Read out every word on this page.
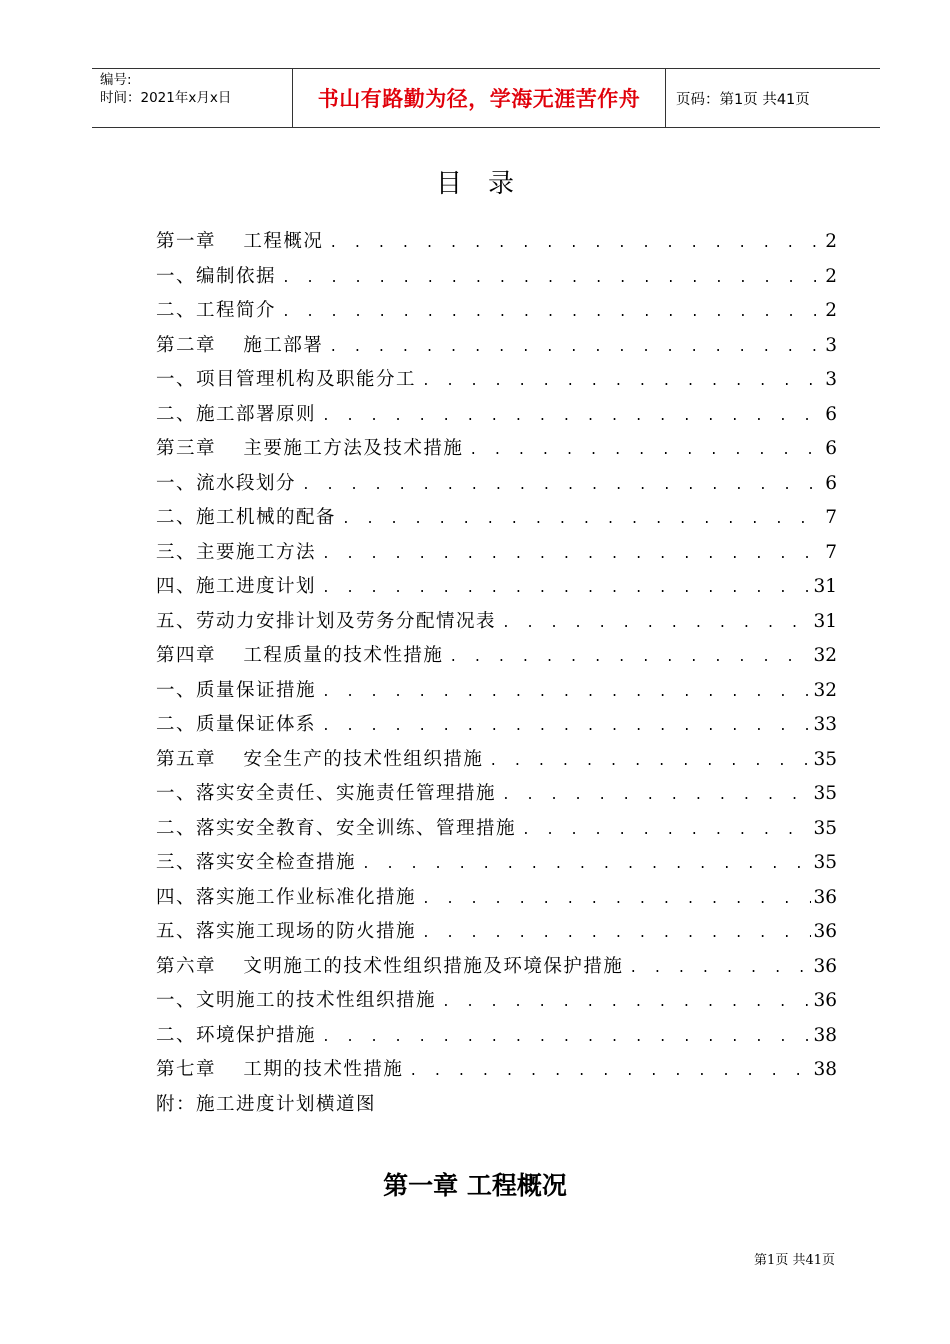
编号:
时间：2021年x月x日	书山有路勤为径，学海无涯苦作舟	页码：第1页 共41页
目录
第一章　 工程概况 . . .	2
一、编制依据 . . .	2
二、工程简介 . . .	2
第二章　 施工部署 . . .	3
一、项目管理机构及职能分工 . . .	3
二、施工部署原则 . . .	6
第三章　 主要施工方法及技术措施 . . .	6
一、流水段划分 . . .	6
二、施工机械的配备 . . .	7
三、主要施工方法 . . .	7
四、施工进度计划 . . .	31
五、劳动力安排计划及劳务分配情况表 . . .	31
第四章　 工程质量的技术性措施 . . .	32
一、质量保证措施 . . .	32
二、质量保证体系 . . .	33
第五章　 安全生产的技术性组织措施 . . .	35
一、落实安全责任、实施责任管理措施 . . .	35
二、落实安全教育、安全训练、管理措施 . . .	35
三、落实安全检查措施 . . .	35
四、落实施工作业标准化措施 . . .	36
五、落实施工现场的防火措施 . . .	36
第六章　 文明施工的技术性组织措施及环境保护措施 . . .	36
一、文明施工的技术性组织措施 . . .	36
二、环境保护措施 . . .	38
第七章　 工期的技术性措施 . . .	38
附：施工进度计划横道图
第一章 工程概况
第1页 共41页
